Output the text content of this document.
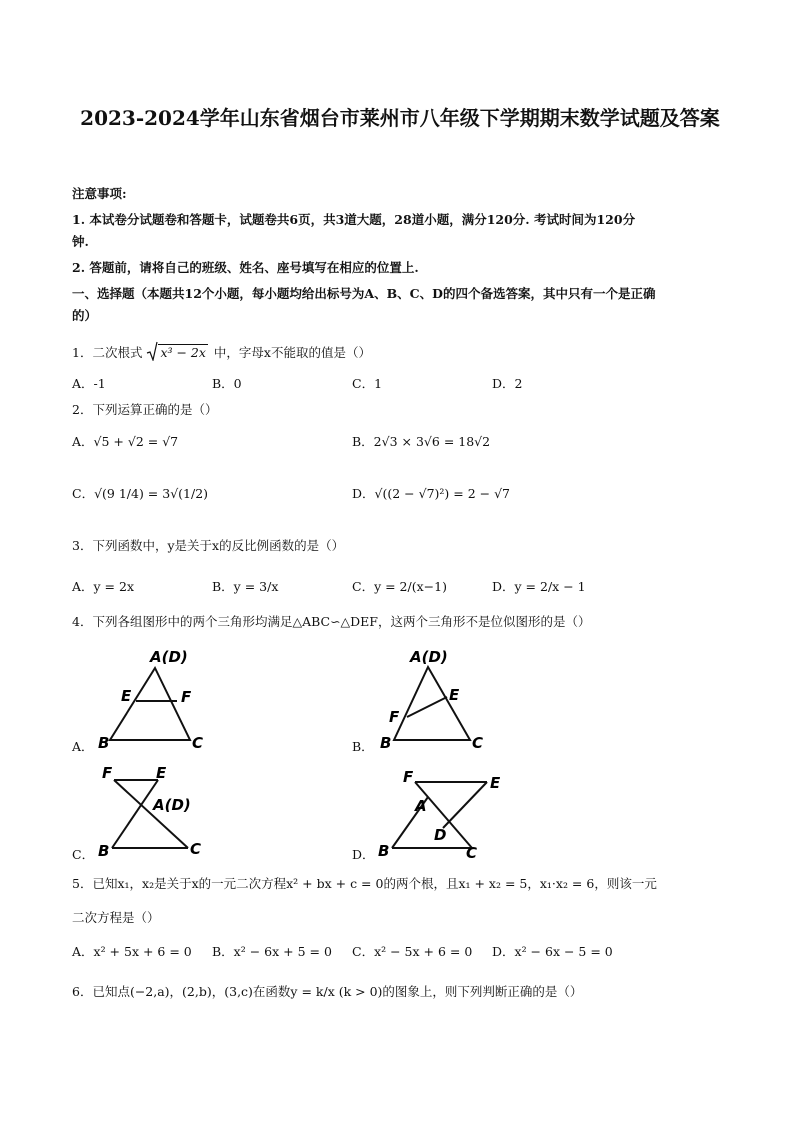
2023-2024学年山东省烟台市莱州市八年级下学期期末数学试题及答案
注意事项:
1. 本试卷分试题卷和答题卡，试题卷共6页，共3道大题，28道小题，满分120分. 考试时间为120分
钟.
2. 答题前，请将自己的班级、姓名、座号填写在相应的位置上.
一、选择题（本题共12个小题，每小题均给出标号为A、B、C、D的四个备选答案，其中只有一个是正确
的）
1．二次根式 x³ − 2x 中，字母x不能取的值是（）
A．-1	B．0	C．1	D．2
2．下列运算正确的是（）
A．√5 + √2 = √7	B．2√3 × 3√6 = 18√2
C．√(9 1/4) = 3√(1/2)	D．√((2 − √7)²) = 2 − √7
3．下列函数中，y是关于x的反比例函数的是（）
A．y = 2x	B．y = 3/x	C．y = 2/(x−1)	D．y = 2/x − 1
4．下列各组图形中的两个三角形均满足△ABC∽△DEF，这两个三角形不是位似图形的是（）
A．
A(D)
E	F
B	C	B．
A(D)
E
F
B	C
C．
F	E
A(D)
B	C	D．
F	E
A
D
B	C
5．已知x₁，x₂是关于x的一元二次方程x² + bx + c = 0的两个根，且x₁ + x₂ = 5，x₁·x₂ = 6，则该一元
二次方程是（）
A．x² + 5x + 6 = 0 B．x² − 6x + 5 = 0 C．x² − 5x + 6 = 0 D．x² − 6x − 5 = 0
6．已知点(−2,a)，(2,b)，(3,c)在函数y = k/x (k > 0)的图象上，则下列判断正确的是（）
